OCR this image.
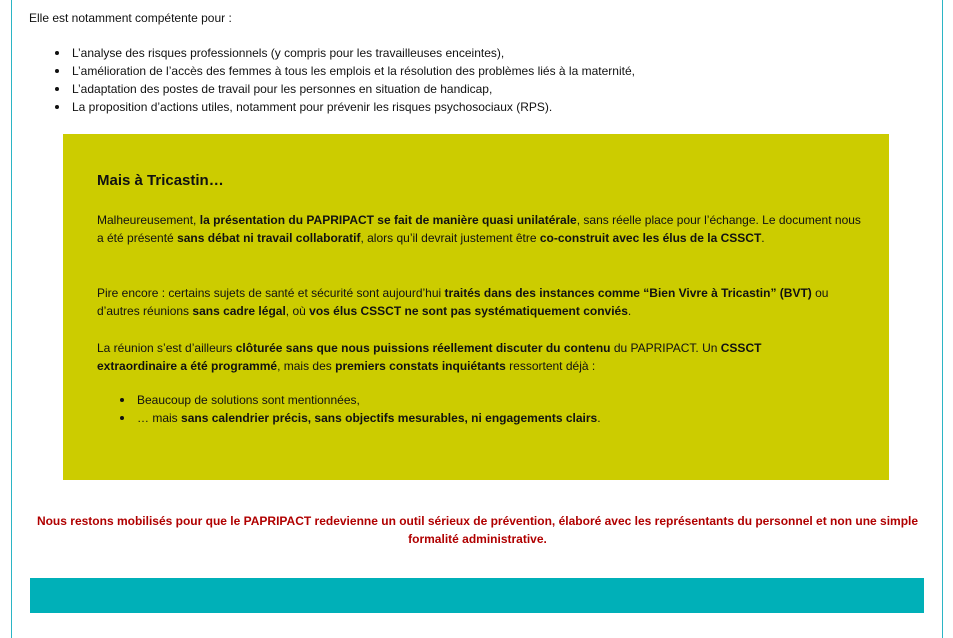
Elle est notamment compétente pour :
L’analyse des risques professionnels (y compris pour les travailleuses enceintes),
L’amélioration de l’accès des femmes à tous les emplois et la résolution des problèmes liés à la maternité,
L’adaptation des postes de travail pour les personnes en situation de handicap,
La proposition d’actions utiles, notamment pour prévenir les risques psychosociaux (RPS).
Mais à Tricastin…

Malheureusement, la présentation du PAPRIPACT se fait de manière quasi unilatérale, sans réelle place pour l’échange. Le document nous a été présenté sans débat ni travail collaboratif, alors qu’il devrait justement être co-construit avec les élus de la CSSCT.

Pire encore : certains sujets de santé et sécurité sont aujourd’hui traités dans des instances comme “Bien Vivre à Tricastin” (BVT) ou d’autres réunions sans cadre légal, où vos élus CSSCT ne sont pas systématiquement conviés.

La réunion s’est d’ailleurs clôturée sans que nous puissions réellement discuter du contenu du PAPRIPACT. Un CSSCT extraordinaire a été programmé, mais des premiers constats inquiétants ressortent déjà :

Beaucoup de solutions sont mentionnées,
… mais sans calendrier précis, sans objectifs mesurables, ni engagements clairs.
Nous restons mobilisés pour que le PAPRIPACT redevienne un outil sérieux de prévention, élaboré avec les représentants du personnel et non une simple formalité administrative.
